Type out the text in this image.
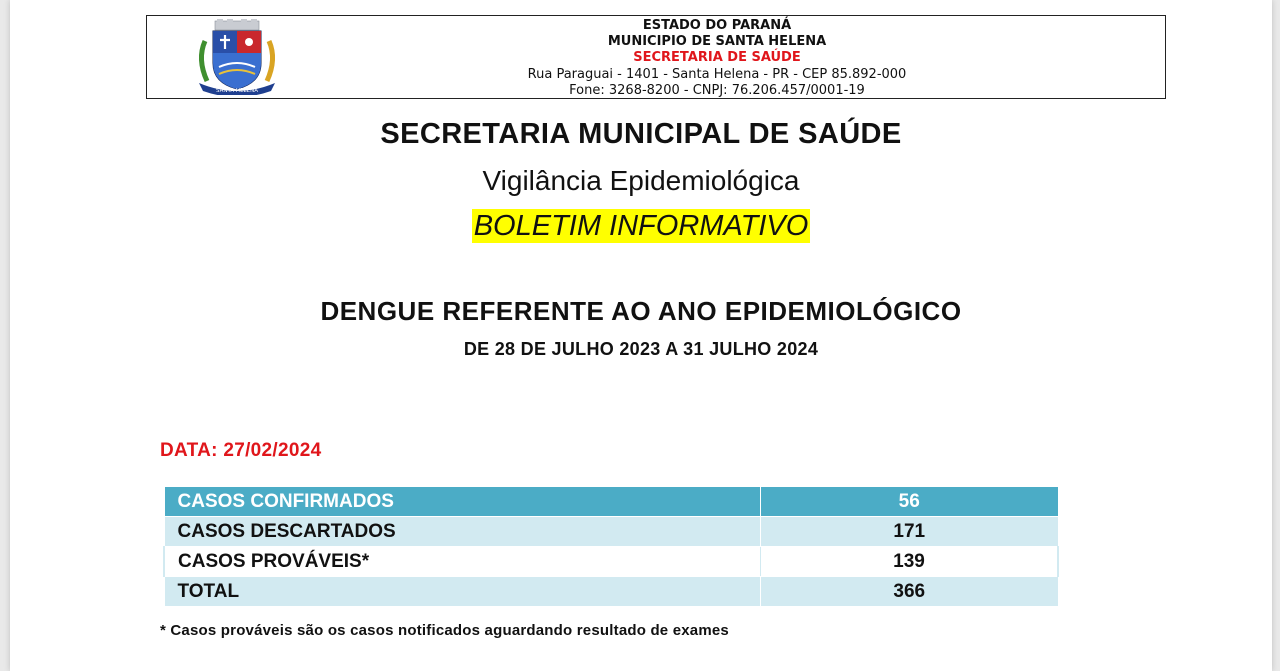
SANTA HELENA
ESTADO DO PARANÁ
MUNICIPIO DE SANTA HELENA
SECRETARIA DE SAÚDE
Rua Paraguai - 1401 - Santa Helena - PR - CEP 85.892-000
Fone: 3268-8200 - CNPJ: 76.206.457/0001-19
SECRETARIA MUNICIPAL DE SAÚDE
Vigilância Epidemiológica
BOLETIM INFORMATIVO
DENGUE REFERENTE AO ANO EPIDEMIOLÓGICO
DE 28 DE JULHO 2023 A 31 JULHO 2024
DATA: 27/02/2024
CASOS CONFIRMADOS	56
CASOS DESCARTADOS	171
CASOS PROVÁVEIS*	139
TOTAL	366
* Casos prováveis são os casos notificados aguardando resultado de exames
